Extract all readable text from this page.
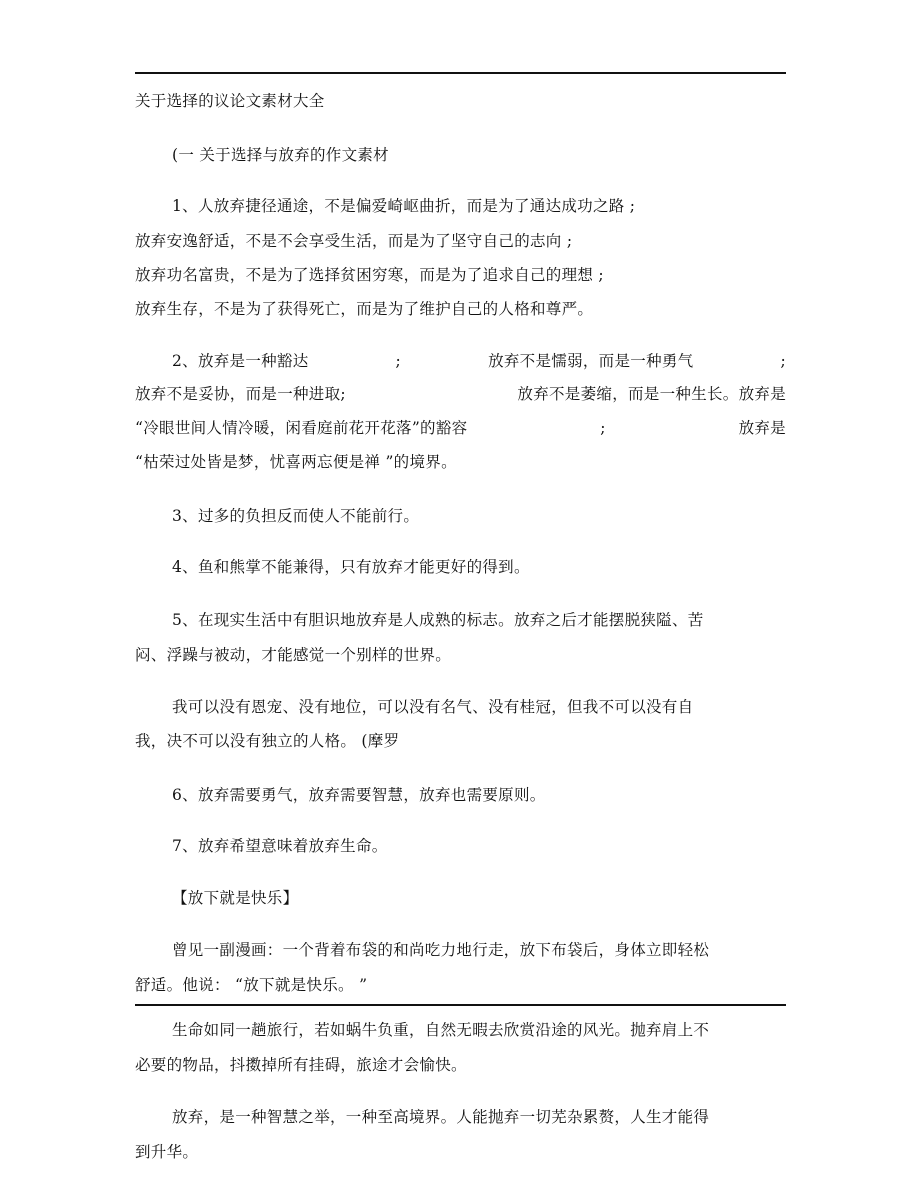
关于选择的议论文素材大全
(一 关于选择与放弃的作文素材
1、人放弃捷径通途，不是偏爱崎岖曲折，而是为了通达成功之路 ;
放弃安逸舒适，不是不会享受生活，而是为了坚守自己的志向 ;
放弃功名富贵，不是为了选择贫困穷寒，而是为了追求自己的理想 ;
放弃生存，不是为了获得死亡，而是为了维护自己的人格和尊严。
2、放弃是一种豁达	;	放弃不是懦弱，而是一种勇气	;
放弃不是妥协，而是一种进取;	放弃不是萎缩，而是一种生长。放弃是
“冷眼世间人情冷暖，闲看庭前花开花落”的豁容	;	放弃是
“枯荣过处皆是梦，忧喜两忘便是禅 ”的境界。
3、过多的负担反而使人不能前行。
4、鱼和熊掌不能兼得，只有放弃才能更好的得到。
5、在现实生活中有胆识地放弃是人成熟的标志。放弃之后才能摆脱狭隘、苦
闷、浮躁与被动，才能感觉一个别样的世界。
我可以没有恩宠、没有地位，可以没有名气、没有桂冠，但我不可以没有自
我，决不可以没有独立的人格。 (摩罗
6、放弃需要勇气，放弃需要智慧，放弃也需要原则。
7、放弃希望意味着放弃生命。
【放下就是快乐】
曾见一副漫画：一个背着布袋的和尚吃力地行走，放下布袋后，身体立即轻松
舒适。他说： “放下就是快乐。 ”
生命如同一趟旅行，若如蜗牛负重，自然无暇去欣赏沿途的风光。抛弃肩上不
必要的物品，抖擞掉所有挂碍，旅途才会愉快。
放弃，是一种智慧之举，一种至高境界。人能抛弃一切芜杂累赘，人生才能得
到升华。
